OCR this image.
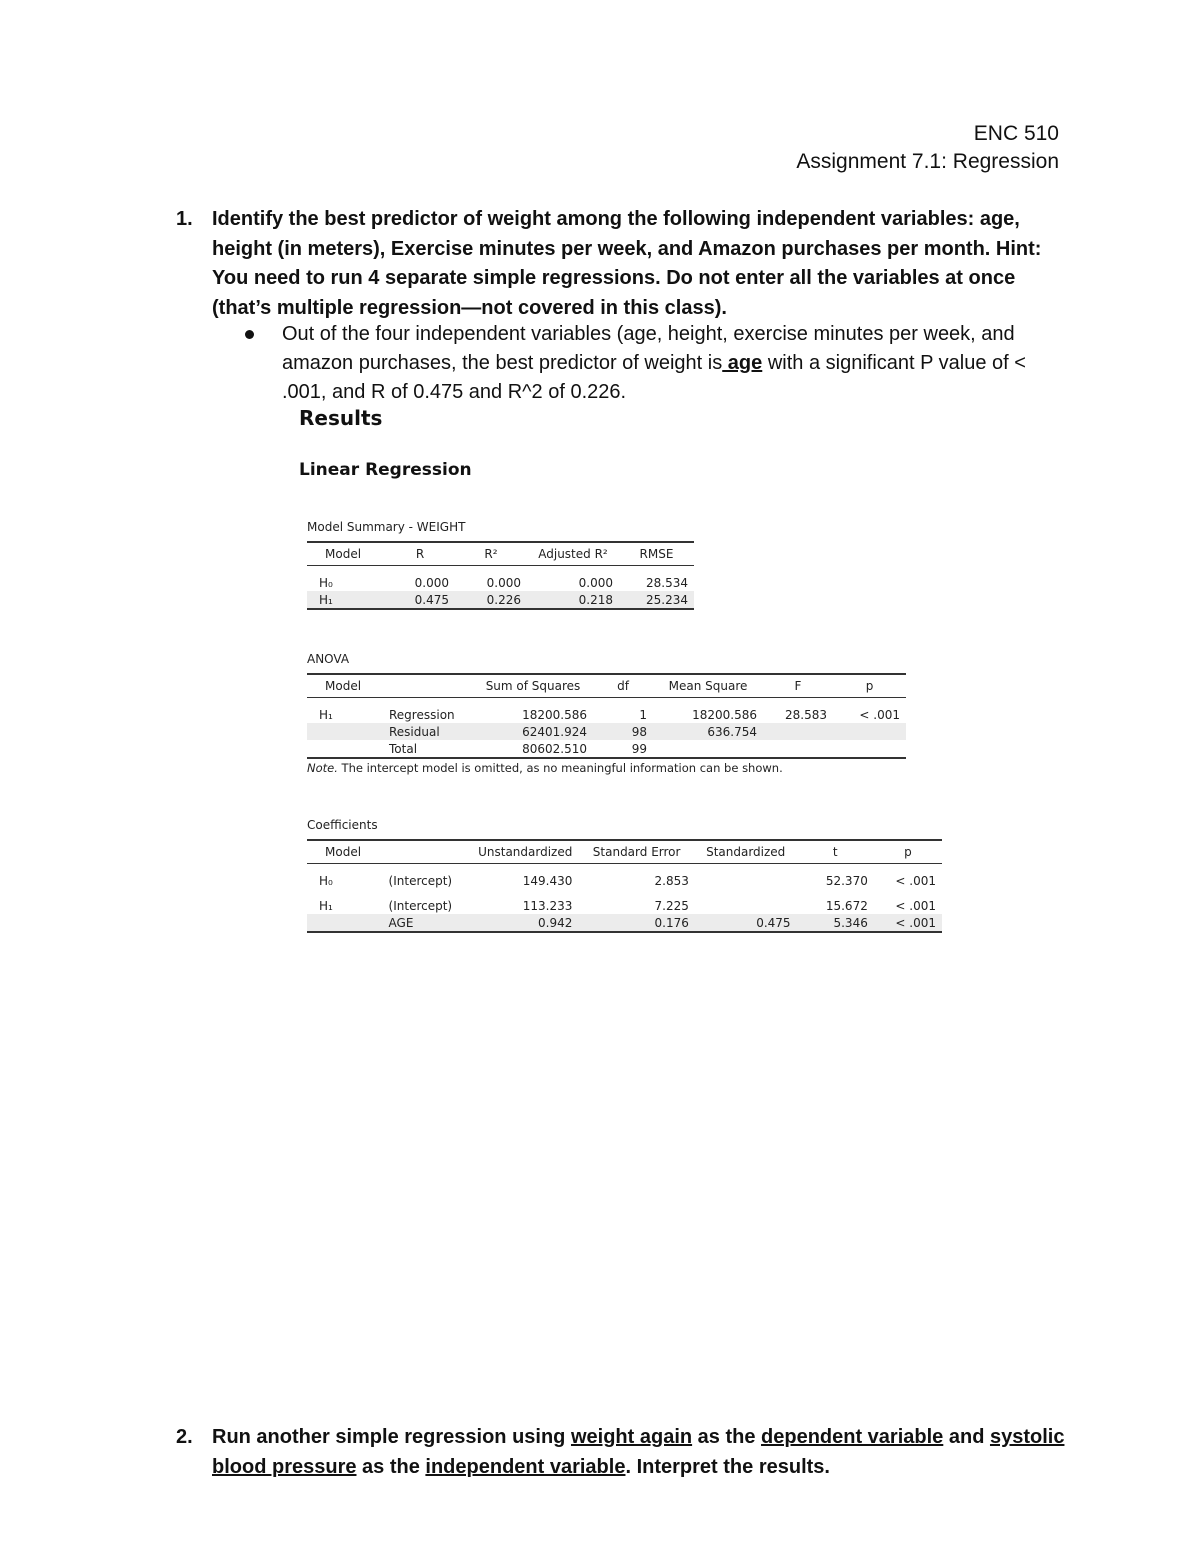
ENC 510
Assignment 7.1: Regression
1. Identify the best predictor of weight among the following independent variables: age, height (in meters), Exercise minutes per week, and Amazon purchases per month. Hint: You need to run 4 separate simple regressions. Do not enter all the variables at once (that’s multiple regression—not covered in this class).
Out of the four independent variables (age, height, exercise minutes per week, and amazon purchases, the best predictor of weight is age with a significant P value of < .001, and R of 0.475 and R^2 of 0.226.
Results
Linear Regression
Model Summary - WEIGHT
Model	R	R²	Adjusted R²	RMSE
H₀	0.000	0.000	0.000	28.534
H₁	0.475	0.226	0.218	25.234
ANOVA
Model		Sum of Squares	df	Mean Square	F	p
H₁	Regression	18200.586	1	18200.586	28.583	< .001
	Residual	62401.924	98	636.754		
	Total	80602.510	99			
Note. The intercept model is omitted, as no meaningful information can be shown.
Coefficients
Model		Unstandardized	Standard Error	Standardized	t	p
H₀	(Intercept)	149.430	2.853		52.370	< .001
H₁	(Intercept)	113.233	7.225		15.672	< .001
	AGE	0.942	0.176	0.475	5.346	< .001
2. Run another simple regression using weight again as the dependent variable and systolic blood pressure as the independent variable. Interpret the results.
